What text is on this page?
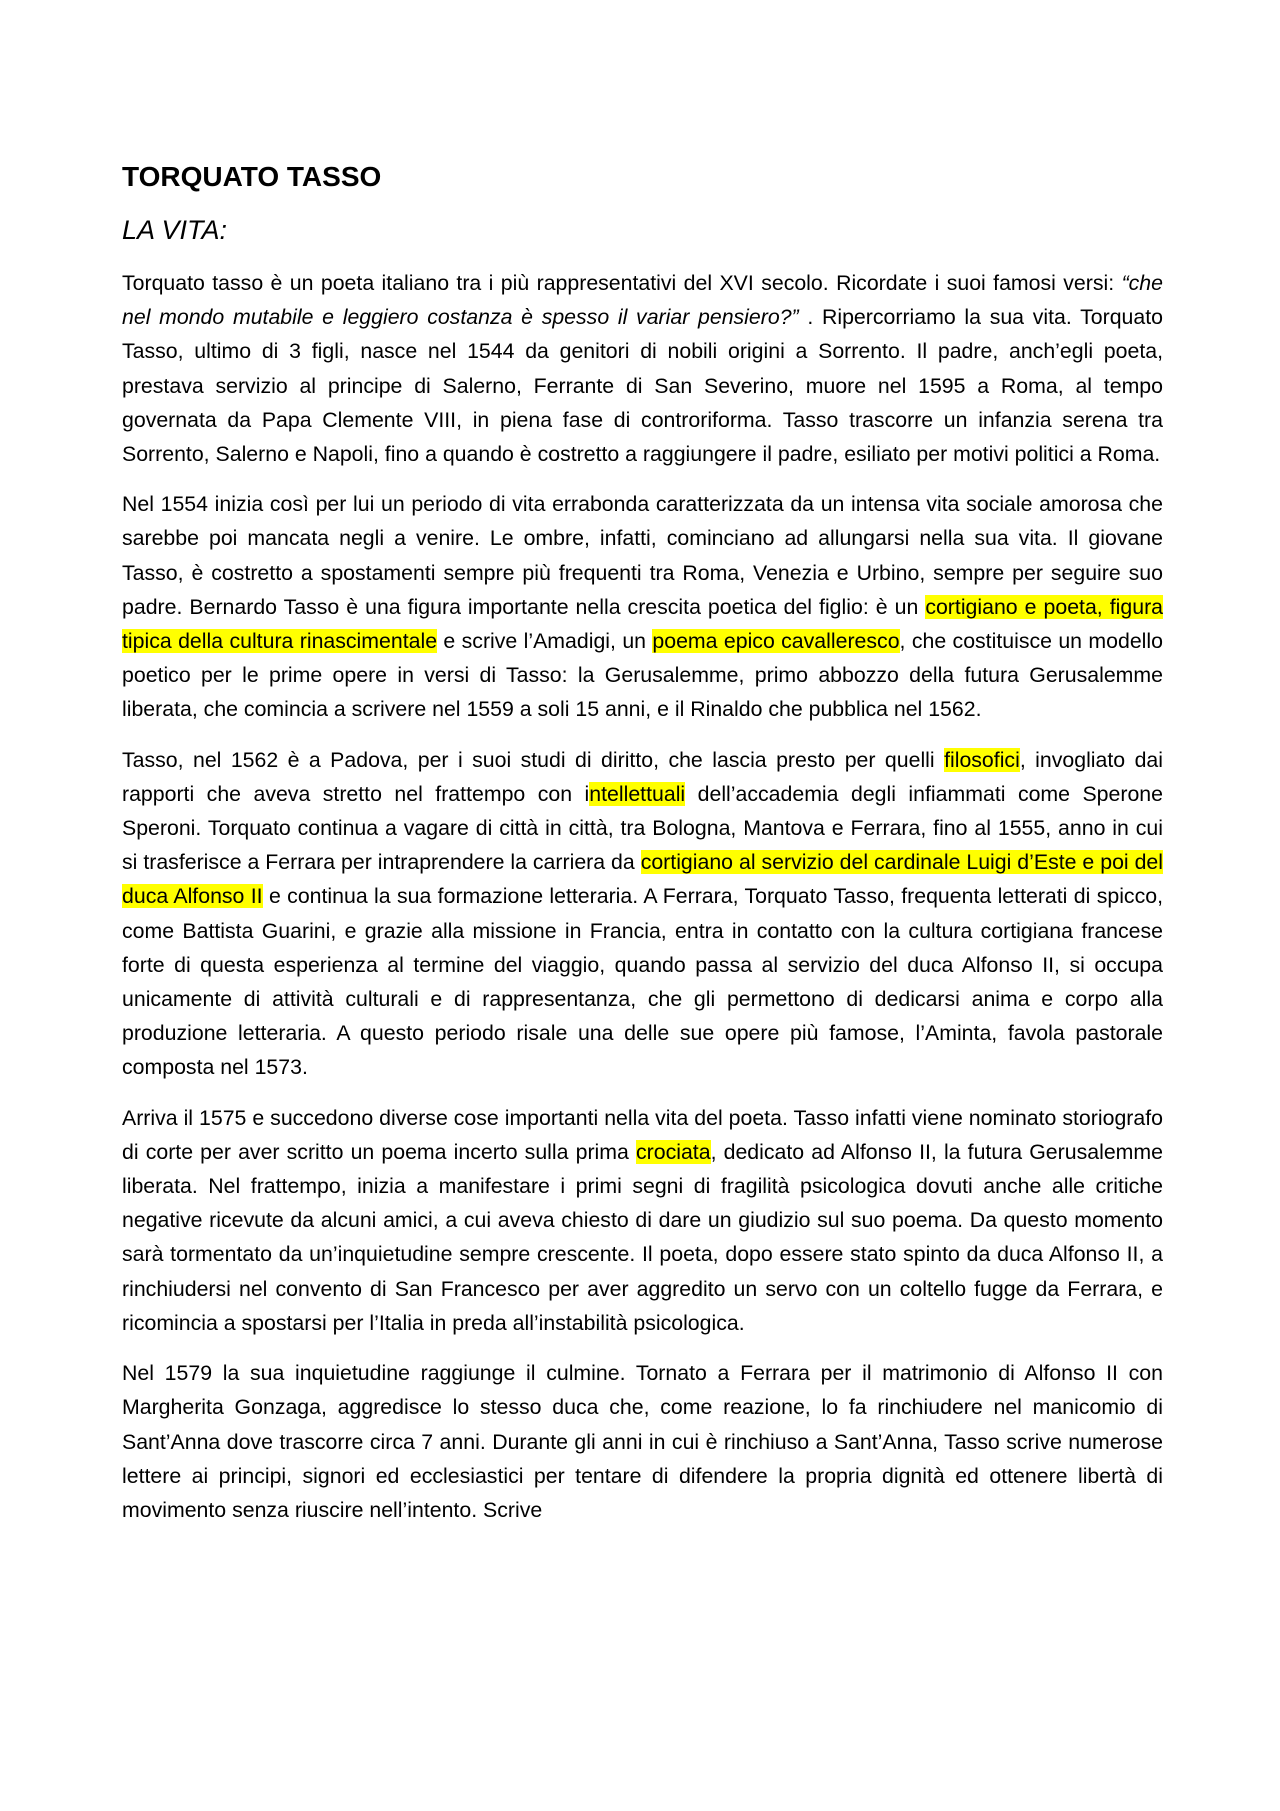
TORQUATO TASSO
LA VITA:

Torquato tasso è un poeta italiano tra i più rappresentativi del XVI secolo. Ricordate i suoi famosi versi: “che nel mondo mutabile e leggiero costanza è spesso il variar pensiero?” . Ripercorriamo la sua vita. Torquato Tasso, ultimo di 3 figli, nasce nel 1544 da genitori di nobili origini a Sorrento. Il padre, anch’egli poeta, prestava servizio al principe di Salerno, Ferrante di San Severino, muore nel 1595 a Roma, al tempo governata da Papa Clemente VIII, in piena fase di controriforma. Tasso trascorre un infanzia serena tra Sorrento, Salerno e Napoli, fino a quando è costretto a raggiungere il padre, esiliato per motivi politici a Roma.

Nel 1554 inizia così per lui un periodo di vita errabonda caratterizzata da un intensa vita sociale amorosa che sarebbe poi mancata negli a venire. Le ombre, infatti, cominciano ad allungarsi nella sua vita. Il giovane Tasso, è costretto a spostamenti sempre più frequenti tra Roma, Venezia e Urbino, sempre per seguire suo padre. Bernardo Tasso è una figura importante nella crescita poetica del figlio: è un cortigiano e poeta, figura tipica della cultura rinascimentale e scrive l’Amadigi, un poema epico cavalleresco, che costituisce un modello poetico per le prime opere in versi di Tasso: la Gerusalemme, primo abbozzo della futura Gerusalemme liberata, che comincia a scrivere nel 1559 a soli 15 anni, e il Rinaldo che pubblica nel 1562.

Tasso, nel 1562 è a Padova, per i suoi studi di diritto, che lascia presto per quelli filosofici, invogliato dai rapporti che aveva stretto nel frattempo con intellettuali dell’accademia degli infiammati come Sperone Speroni. Torquato continua a vagare di città in città, tra Bologna, Mantova e Ferrara, fino al 1555, anno in cui si trasferisce a Ferrara per intraprendere la carriera da cortigiano al servizio del cardinale Luigi d’Este e poi del duca Alfonso II e continua la sua formazione letteraria. A Ferrara, Torquato Tasso, frequenta letterati di spicco, come Battista Guarini, e grazie alla missione in Francia, entra in contatto con la cultura cortigiana francese forte di questa esperienza al termine del viaggio, quando passa al servizio del duca Alfonso II, si occupa unicamente di attività culturali e di rappresentanza, che gli permettono di dedicarsi anima e corpo alla produzione letteraria. A questo periodo risale una delle sue opere più famose, l’Aminta, favola pastorale composta nel 1573.

Arriva il 1575 e succedono diverse cose importanti nella vita del poeta. Tasso infatti viene nominato storiografo di corte per aver scritto un poema incerto sulla prima crociata, dedicato ad Alfonso II, la futura Gerusalemme liberata. Nel frattempo, inizia a manifestare i primi segni di fragilità psicologica dovuti anche alle critiche negative ricevute da alcuni amici, a cui aveva chiesto di dare un giudizio sul suo poema. Da questo momento sarà tormentato da un’inquietudine sempre crescente. Il poeta, dopo essere stato spinto da duca Alfonso II, a rinchiudersi nel convento di San Francesco per aver aggredito un servo con un coltello fugge da Ferrara, e ricomincia a spostarsi per l’Italia in preda all’instabilità psicologica.

Nel 1579 la sua inquietudine raggiunge il culmine. Tornato a Ferrara per il matrimonio di Alfonso II con Margherita Gonzaga, aggredisce lo stesso duca che, come reazione, lo fa rinchiudere nel manicomio di Sant’Anna dove trascorre circa 7 anni. Durante gli anni in cui è rinchiuso a Sant’Anna, Tasso scrive numerose lettere ai principi, signori ed ecclesiastici per tentare di difendere la propria dignità ed ottenere libertà di movimento senza riuscire nell’intento. Scrive
